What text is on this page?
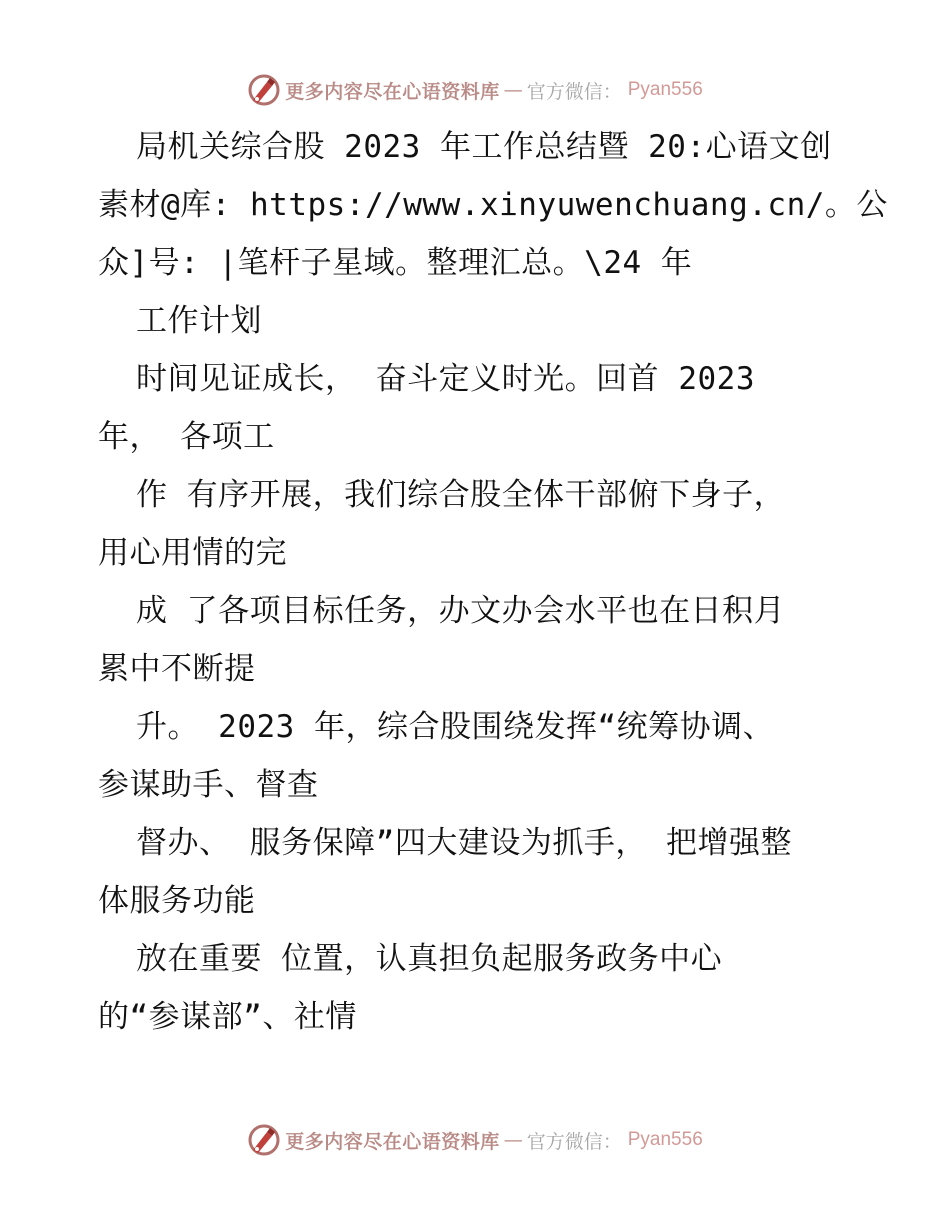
更多内容尽在心语资料库 — 官方微信： Pyan556
局机关综合股 2023 年工作总结暨 20:心语文创
素材@库: https://www.xinyuwenchuang.cn/。公
众]号: |笔杆子星域。整理汇总。\24 年
工作计划
时间见证成长， 奋斗定义时光。回首 2023
年， 各项工
作 有序开展，我们综合股全体干部俯下身子，
用心用情的完
成 了各项目标任务，办文办会水平也在日积月
累中不断提
升。 2023 年，综合股围绕发挥“统筹协调、
参谋助手、督查
督办、 服务保障”四大建设为抓手， 把增强整
体服务功能
放在重要 位置，认真担负起服务政务中心
的“参谋部”、社情
更多内容尽在心语资料库 — 官方微信： Pyan556
